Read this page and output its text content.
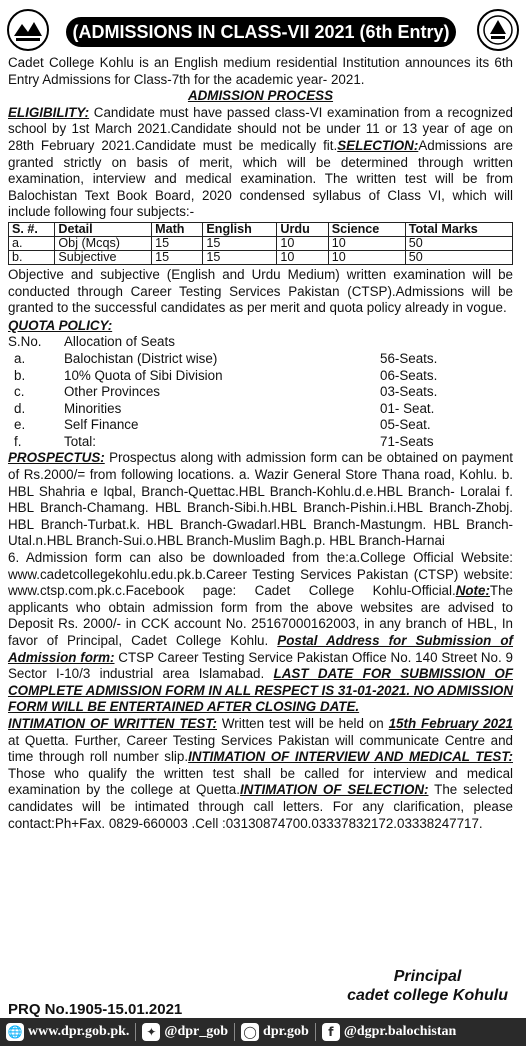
(ADMISSIONS IN CLASS-VII 2021 (6th Entry)

Cadet College Kohlu is an English medium residential Institution announces its 6th Entry Admissions for Class-7th for the academic year- 2021.

ADMISSION PROCESS

ELIGIBILITY: Candidate must have passed class-VI examination from a recognized school by 1st March 2021.Candidate should not be under 11 or 13 year of age on 28th February 2021.Candidate must be medically fit.SELECTION:Admissions are granted strictly on basis of merit, which will be determined through written examination, interview and medical examination. The written test will be from Balochistan Text Book Board, 2020 condensed syllabus of Class VI, which will include following four subjects:-

S. #.	Detail	Math	English	Urdu	Science	Total Marks
a.	Obj (Mcqs)	15	15	10	10	50
b.	Subjective	15	15	10	10	50

Objective and subjective (English and Urdu Medium) written examination will be conducted through Career Testing Services Pakistan (CTSP).Admissions will be granted to the successful candidates as per merit and quota policy already in vogue.

QUOTA POLICY:

S.No.	Allocation of Seats
a.	Balochistan (District wise)	56-Seats.
b.	10% Quota of Sibi Division	06-Seats.
c.	Other Provinces	03-Seats.
d.	Minorities	01- Seat.
e.	Self Finance	05-Seat.
f.	Total:	71-Seats

PROSPECTUS: Prospectus along with admission form can be obtained on payment of Rs.2000/= from following locations. a. Wazir General Store Thana road, Kohlu. b. HBL Shahria e Iqbal, Branch-Quettac.HBL Branch-Kohlu.d.e.HBL Branch- Loralai f. HBL Branch-Chamang. HBL Branch-Sibi.h.HBL Branch-Pishin.i.HBL Branch-Zhobj. HBL Branch-Turbat.k. HBL Branch-Gwadarl.HBL Branch-Mastungm. HBL Branch-Utal.n.HBL Branch-Sui.o.HBL Branch-Muslim Bagh.p. HBL Branch-Harnai

6. Admission form can also be downloaded from the:a.College Official Website: www.cadetcollegekohlu.edu.pk.b.Career Testing Services Pakistan (CTSP) website: www.ctsp.com.pk.c.Facebook page: Cadet College Kohlu-Official.Note:The applicants who obtain admission form from the above websites are advised to Deposit Rs. 2000/- in CCK account No. 25167000162003, in any branch of HBL, In favor of Principal, Cadet College Kohlu. Postal Address for Submission of Admission form: CTSP Career Testing Service Pakistan Office No. 140 Street No. 9 Sector I-10/3 industrial area Islamabad. LAST DATE FOR SUBMISSION OF COMPLETE ADMISSION FORM IN ALL RESPECT IS 31-01-2021. NO ADMISSION FORM WILL BE ENTERTAINED AFTER CLOSING DATE.

INTIMATION OF WRITTEN TEST: Written test will be held on 15th February 2021 at Quetta. Further, Career Testing Services Pakistan will communicate Centre and time through roll number slip.INTIMATION OF INTERVIEW AND MEDICAL TEST: Those who qualify the written test shall be called for interview and medical examination by the college at Quetta.INTIMATION OF SELECTION: The selected candidates will be intimated through call letters. For any clarification, please contact:Ph+Fax. 0829-660003 .Cell :03130874700.03337832172.03338247717.

Principal
cadet college Kohulu
PRQ No.1905-15.01.2021
🌐 www.dpr.gob.pk.	✦ @dpr_gob ◯ dpr.gob	f @dgpr.balochistan
